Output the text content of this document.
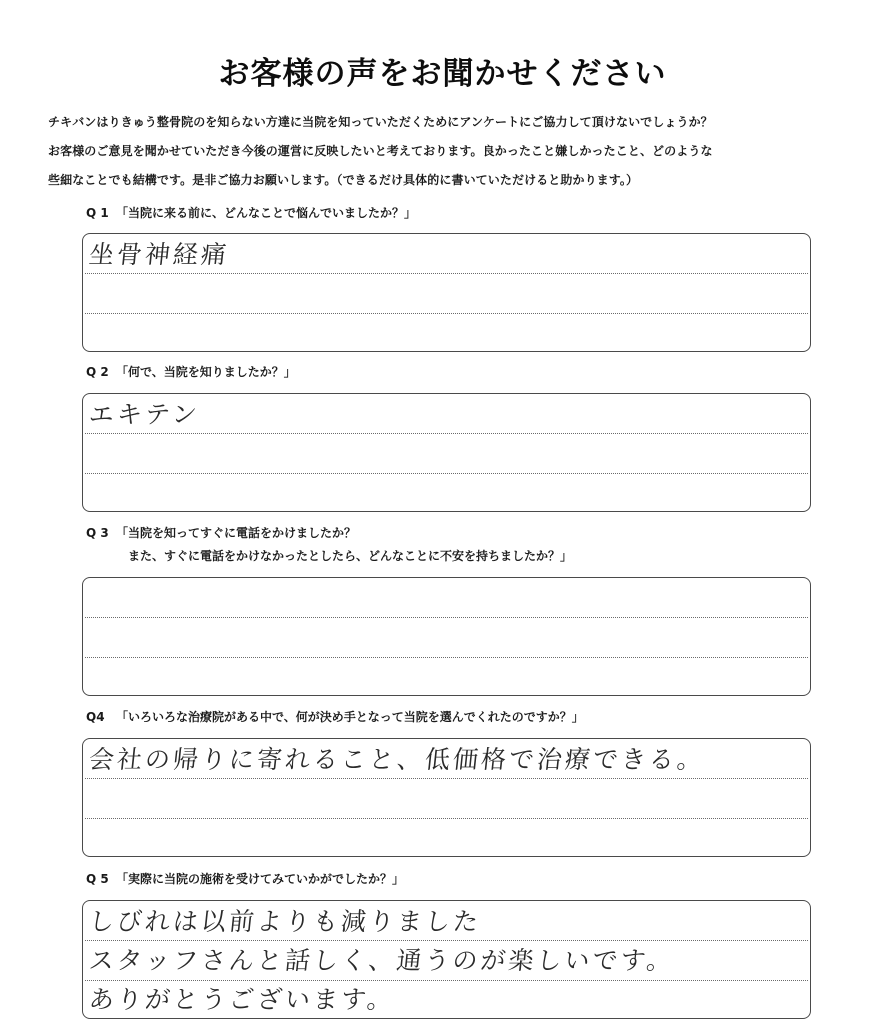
お客様の声をお聞かせください
チキバンはりきゅう整骨院のを知らない方達に当院を知っていただくためにアンケートにご協力して頂けないでしょうか？
お客様のご意見を聞かせていただき今後の運営に反映したいと考えております。良かったこと嫌しかったこと、どのような
些細なことでも結構です。是非ご協力お願いします。（できるだけ具体的に書いていただけると助かります。）
Q 1 「当院に来る前に、どんなことで悩んでいましたか？」
坐骨神経痛
Q 2 「何で、当院を知りましたか？」
エキテン
Q 3 「当院を知ってすぐに電話をかけましたか？
また、すぐに電話をかけなかったとしたら、どんなことに不安を持ちましたか？」
Q4 「いろいろな治療院がある中で、何が決め手となって当院を選んでくれたのですか？」
会社の帰りに寄れること、低価格で治療できる。
Q 5 「実際に当院の施術を受けてみていかがでしたか？」
しびれは以前よりも減りました
スタッフさんと話しく、通うのが楽しいです。
ありがとうございます。
